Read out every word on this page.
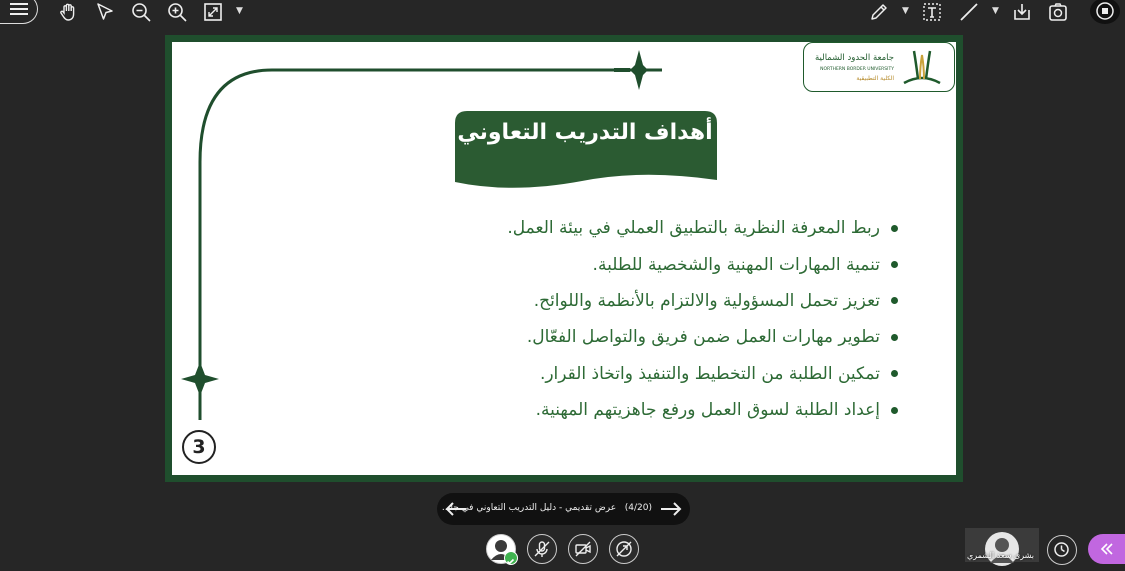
▼	▼	▼
جامعة الحدود الشمالية
NORTHERN BORDER UNIVERSITY
الكلية التطبيقية
أهداف التدريب التعاوني
ربط المعرفة النظرية بالتطبيق العملي في بيئة العمل.
تنمية المهارات المهنية والشخصية للطلبة.
تعزيز تحمل المسؤولية والالتزام بالأنظمة واللوائح.
تطوير مهارات العمل ضمن فريق والتواصل الفعّال.
تمكين الطلبة من التخطيط والتنفيذ واتخاذ القرار.
إعداد الطلبة لسوق العمل ورفع جاهزيتهم المهنية.
3
(4/20)   عرض تقديمي - دليل التدريب التعاوني في جا...
بشرى سعد الشمري
